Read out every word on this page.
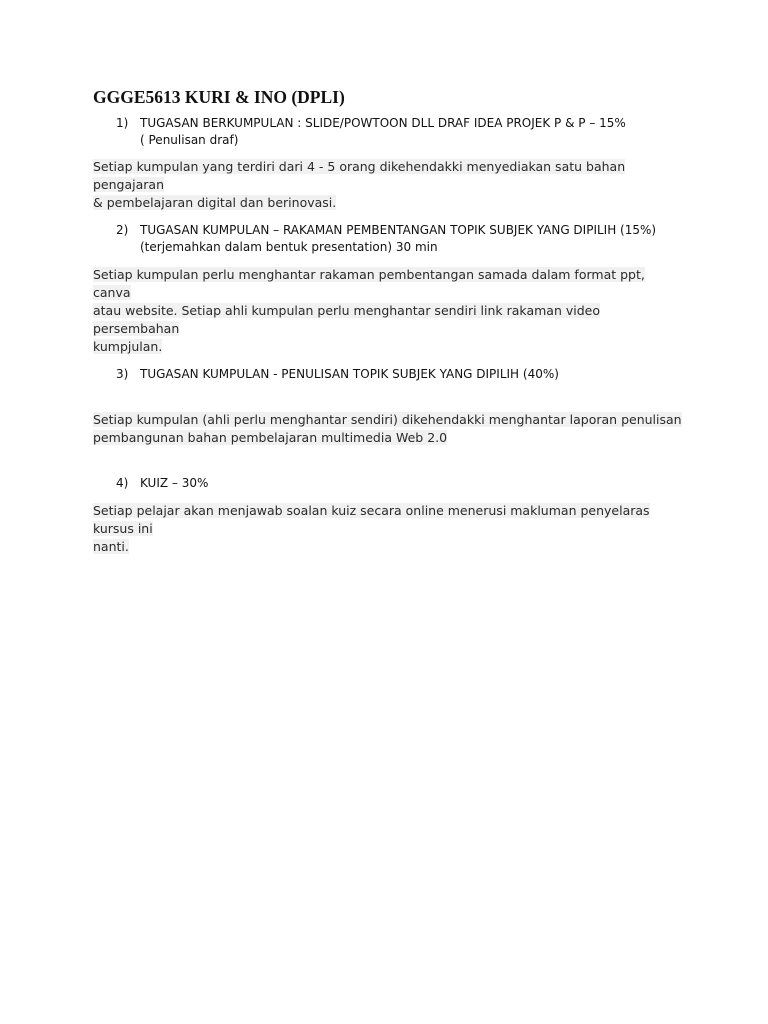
GGGE5613 KURI & INO (DPLI)
1) TUGASAN BERKUMPULAN : SLIDE/POWTOON DLL DRAF IDEA PROJEK P & P – 15%
( Penulisan draf)

Setiap kumpulan yang terdiri dari 4 - 5 orang dikehendakki menyediakan satu bahan pengajaran
& pembelajaran digital dan berinovasi.

2) TUGASAN KUMPULAN – RAKAMAN PEMBENTANGAN TOPIK SUBJEK YANG DIPILIH (15%)
(terjemahkan dalam bentuk presentation) 30 min

Setiap kumpulan perlu menghantar rakaman pembentangan samada dalam format ppt, canva
atau website. Setiap ahli kumpulan perlu menghantar sendiri link rakaman video persembahan
kumpjulan.

3) TUGASAN KUMPULAN - PENULISAN TOPIK SUBJEK YANG DIPILIH (40%)

Setiap kumpulan (ahli perlu menghantar sendiri) dikehendakki menghantar laporan penulisan
pembangunan bahan pembelajaran multimedia Web 2.0

4) KUIZ – 30%

Setiap pelajar akan menjawab soalan kuiz secara online menerusi makluman penyelaras kursus ini
nanti.
